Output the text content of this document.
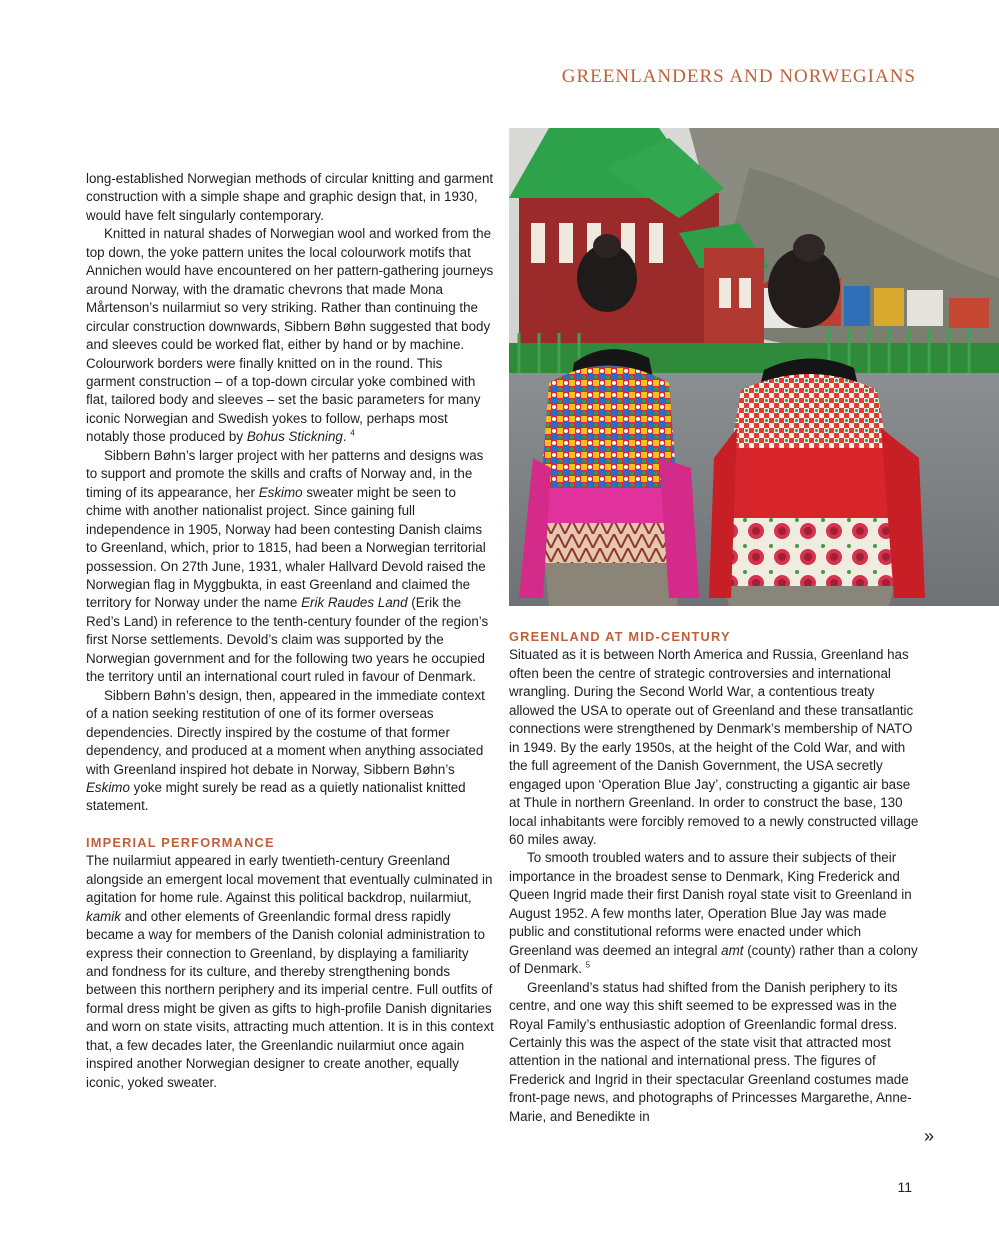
GREENLANDERS AND NORWEGIANS

long-established Norwegian methods of circular knitting and garment construction with a simple shape and graphic design that, in 1930, would have felt singularly contemporary.

Knitted in natural shades of Norwegian wool and worked from the top down, the yoke pattern unites the local colourwork motifs that Annichen would have encountered on her pattern-gathering journeys around Norway, with the dramatic chevrons that made Mona Mårtenson’s nuilarmiut so very striking. Rather than continuing the circular construction downwards, Sibbern Bøhn suggested that body and sleeves could be worked flat, either by hand or by machine. Colourwork borders were finally knitted on in the round. This garment construction – of a top-down circular yoke combined with flat, tailored body and sleeves – set the basic parameters for many iconic Norwegian and Swedish yokes to follow, perhaps most notably those produced by Bohus Stickning. $^4$

Sibbern Bøhn’s larger project with her patterns and designs was to support and promote the skills and crafts of Norway and, in the timing of its appearance, her Eskimo sweater might be seen to chime with another nationalist project. Since gaining full independence in 1905, Norway had been contesting Danish claims to Greenland, which, prior to 1815, had been a Norwegian territorial possession. On 27th June, 1931, whaler Hallvard Devold raised the Norwegian flag in Myggbukta, in east Greenland and claimed the territory for Norway under the name Erik Raudes Land (Erik the Red’s Land) in reference to the tenth-century founder of the region’s first Norse settlements. Devold’s claim was supported by the Norwegian government and for the following two years he occupied the territory until an international court ruled in favour of Denmark.

Sibbern Bøhn’s design, then, appeared in the immediate context of a nation seeking restitution of one of its former overseas dependencies. Directly inspired by the costume of that former dependency, and produced at a moment when anything associated with Greenland inspired hot debate in Norway, Sibbern Bøhn’s Eskimo yoke might surely be read as a quietly nationalist knitted statement.

IMPERIAL PERFORMANCE

The nuilarmiut appeared in early twentieth-century Greenland alongside an emergent local movement that eventually culminated in agitation for home rule. Against this political backdrop, nuilarmiut, kamik and other elements of Greenlandic formal dress rapidly became a way for members of the Danish colonial administration to express their connection to Greenland, by displaying a familiarity and fondness for its culture, and thereby strengthening bonds between this northern periphery and its imperial centre. Full outfits of formal dress might be given as gifts to high-profile Danish dignitaries and worn on state visits, attracting much attention. It is in this context that, a few decades later, the Greenlandic nuilarmiut once again inspired another Norwegian designer to create another, equally iconic, yoked sweater.

GREENLAND AT MID-CENTURY

Situated as it is between North America and Russia, Greenland has often been the centre of strategic controversies and international wrangling. During the Second World War, a contentious treaty allowed the USA to operate out of Greenland and these transatlantic connections were strengthened by Denmark’s membership of NATO in 1949. By the early 1950s, at the height of the Cold War, and with the full agreement of the Danish Government, the USA secretly engaged upon ‘Operation Blue Jay’, constructing a gigantic air base at Thule in northern Greenland. In order to construct the base, 130 local inhabitants were forcibly removed to a newly constructed village 60 miles away.

To smooth troubled waters and to assure their subjects of their importance in the broadest sense to Denmark, King Frederick and Queen Ingrid made their first Danish royal state visit to Greenland in August 1952. A few months later, Operation Blue Jay was made public and constitutional reforms were enacted under which Greenland was deemed an integral amt (county) rather than a colony of Denmark. $^5$

Greenland’s status had shifted from the Danish periphery to its centre, and one way this shift seemed to be expressed was in the Royal Family’s enthusiastic adoption of Greenlandic formal dress. Certainly this was the aspect of the state visit that attracted most attention in the national and international press. The figures of Frederick and Ingrid in their spectacular Greenland costumes made front-page news, and photographs of Princesses Margarethe, Anne-Marie, and Benedikte in

»
11
